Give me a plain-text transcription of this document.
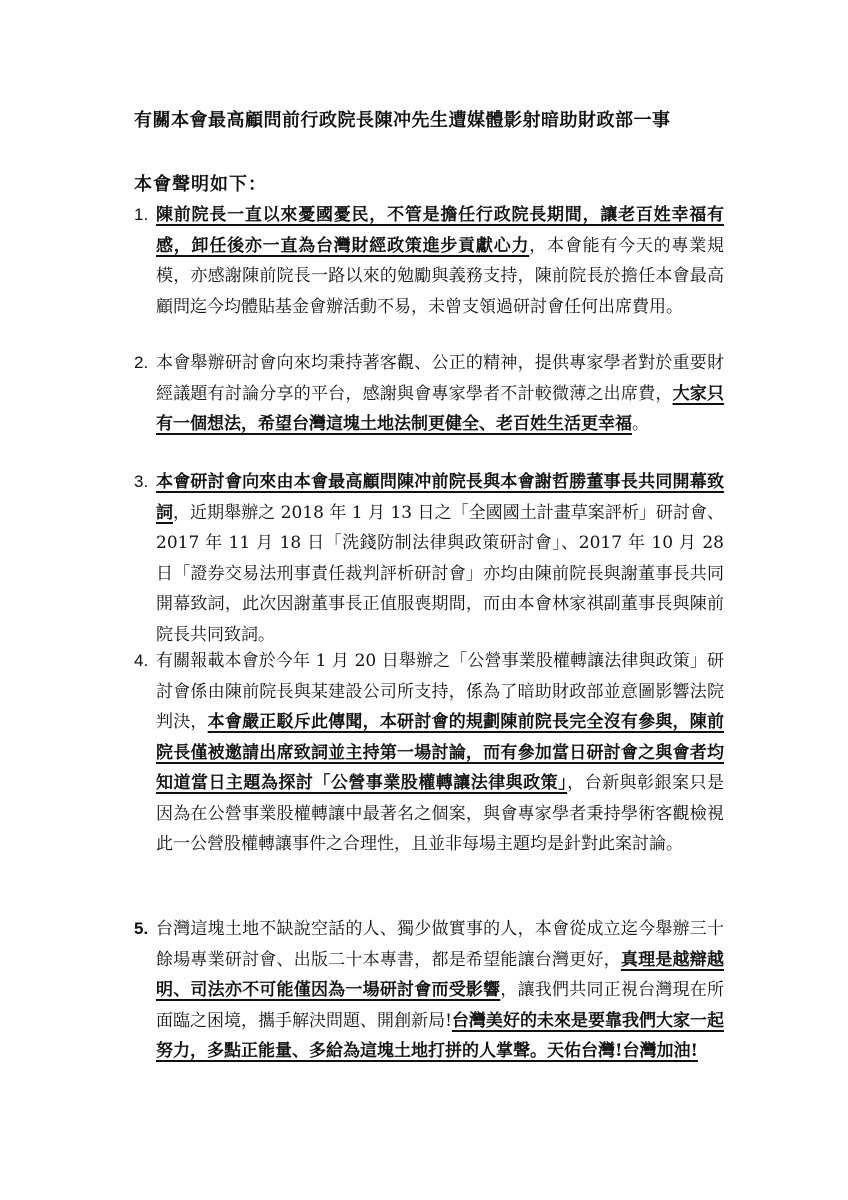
有關本會最高顧問前行政院長陳冲先生遭媒體影射暗助財政部一事
本會聲明如下：
1. 陳前院長一直以來憂國憂民，不管是擔任行政院長期間，讓老百姓幸福有感，卸任後亦一直為台灣財經政策進步貢獻心力，本會能有今天的專業規模，亦感謝陳前院長一路以來的勉勵與義務支持，陳前院長於擔任本會最高顧問迄今均體貼基金會辦活動不易，未曾支領過研討會任何出席費用。
2. 本會舉辦研討會向來均秉持著客觀、公正的精神，提供專家學者對於重要財經議題有討論分享的平台，感謝與會專家學者不計較微薄之出席費，大家只有一個想法，希望台灣這塊土地法制更健全、老百姓生活更幸福。
3. 本會研討會向來由本會最高顧問陳冲前院長與本會謝哲勝董事長共同開幕致詞，近期舉辦之 2018 年 1 月 13 日之「全國國土計畫草案評析」研討會、2017 年 11 月 18 日「洗錢防制法律與政策研討會」、2017 年 10 月 28 日「證券交易法刑事責任裁判評析研討會」亦均由陳前院長與謝董事長共同開幕致詞，此次因謝董事長正值服喪期間，而由本會林家祺副董事長與陳前院長共同致詞。
4. 有關報載本會於今年 1 月 20 日舉辦之「公營事業股權轉讓法律與政策」研討會係由陳前院長與某建設公司所支持，係為了暗助財政部並意圖影響法院判決，本會嚴正駁斥此傳聞，本研討會的規劃陳前院長完全沒有參與，陳前院長僅被邀請出席致詞並主持第一場討論，而有參加當日研討會之與會者均知道當日主題為探討「公營事業股權轉讓法律與政策」，台新與彰銀案只是因為在公營事業股權轉讓中最著名之個案，與會專家學者秉持學術客觀檢視此一公營股權轉讓事件之合理性，且並非每場主題均是針對此案討論。
5. 台灣這塊土地不缺說空話的人、獨少做實事的人，本會從成立迄今舉辦三十餘場專業研討會、出版二十本專書，都是希望能讓台灣更好，真理是越辯越明、司法亦不可能僅因為一場研討會而受影響，讓我們共同正視台灣現在所面臨之困境，攜手解決問題、開創新局!台灣美好的未來是要靠我們大家一起努力，多點正能量、多給為這塊土地打拼的人掌聲。天佑台灣!台灣加油!
